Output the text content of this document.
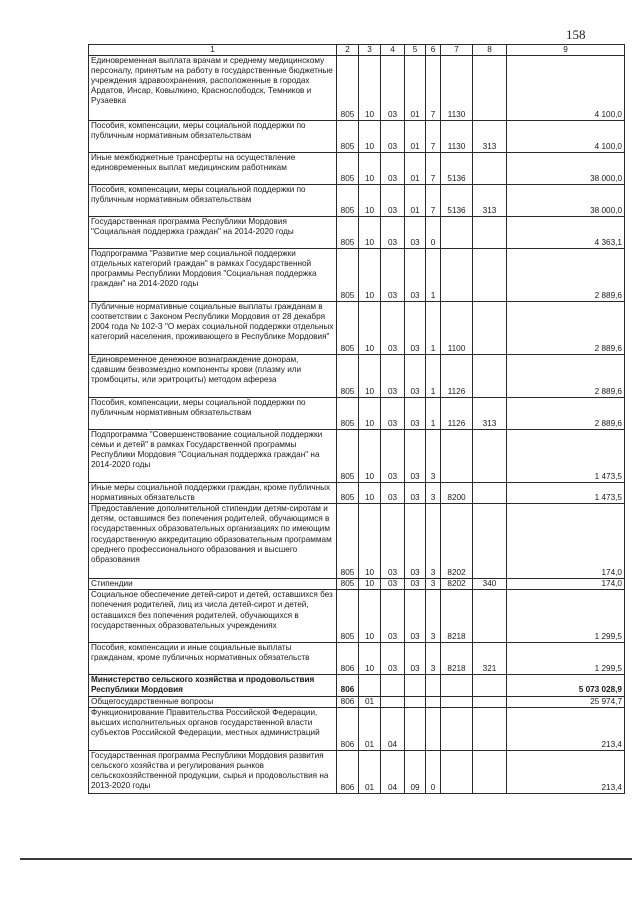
158
1	2	3	4	5	6	7	8	9
Единовременная выплата врачам и среднему медицинскому персоналу, принятым на работу в государственные бюджетные учреждения здравоохранения, расположенные в городах Ардатов, Инсар, Ковылкино, Краснослободск, Темников и Рузаевка	805	10	03	01	7	1130		4 100,0
Пособия, компенсации, меры социальной поддержки по публичным нормативным обязательствам	805	10	03	01	7	1130	313	4 100,0
Иные межбюджетные трансферты на осуществление единовременных выплат медицинским работникам	805	10	03	01	7	5136		38 000,0
Пособия, компенсации, меры социальной поддержки по публичным нормативным обязательствам	805	10	03	01	7	5136	313	38 000,0
Государственная программа Республики Мордовия "Социальная поддержка граждан" на 2014-2020 годы	805	10	03	03	0			4 363,1
Подпрограмма "Развитие мер социальной поддержки отдельных категорий граждан" в рамках Государственной программы Республики Мордовия "Социальная поддержка граждан" на 2014-2020 годы	805	10	03	03	1			2 889,6
Публичные нормативные социальные выплаты гражданам в соответствии с Законом Республики Мордовия от 28 декабря 2004 года № 102-З "О мерах социальной поддержки отдельных категорий населения, проживающего в Республике Мордовия"	805	10	03	03	1	1100		2 889,6
Единовременное денежное вознаграждение донорам, сдавшим безвозмездно компоненты крови (плазму или тромбоциты, или эритроциты) методом афереза	805	10	03	03	1	1126		2 889,6
Пособия, компенсации, меры социальной поддержки по публичным нормативным обязательствам	805	10	03	03	1	1126	313	2 889,6
Подпрограмма "Совершенствование социальной поддержки семьи и детей" в рамках Государственной программы Республики Мордовия "Социальная поддержка граждан" на 2014-2020 годы	805	10	03	03	3			1 473,5
Иные меры социальной поддержки граждан, кроме публичных нормативных обязательств	805	10	03	03	3	8200		1 473,5
Предоставление дополнительной стипендии детям-сиротам и детям, оставшимся без попечения родителей, обучающимся в государственных образовательных организациях по имеющим государственную аккредитацию образовательным программам среднего профессионального образования и высшего образования	805	10	03	03	3	8202		174,0
Стипендии	805	10	03	03	3	8202	340	174,0
Социальное обеспечение детей-сирот и детей, оставшихся без попечения родителей, лиц из числа детей-сирот и детей, оставшихся без попечения родителей, обучающихся в государственных образовательных учреждениях	805	10	03	03	3	8218		1 299,5
Пособия, компенсации и иные социальные выплаты гражданам, кроме публичных нормативных обязательств	806	10	03	03	3	8218	321	1 299,5
Министерство сельского хозяйства и продовольствия Республики Мордовия	806							5 073 028,9
Общегосударственные вопросы	806	01						25 974,7
Функционирование Правительства Российской Федерации, высших исполнительных органов государственной власти субъектов Российской Федерации, местных администраций	806	01	04					213,4
Государственная программа Республики Мордовия развития сельского хозяйства и регулирования рынков сельскохозяйственной продукции, сырья и продовольствия на 2013-2020 годы	806	01	04	09	0			213,4
